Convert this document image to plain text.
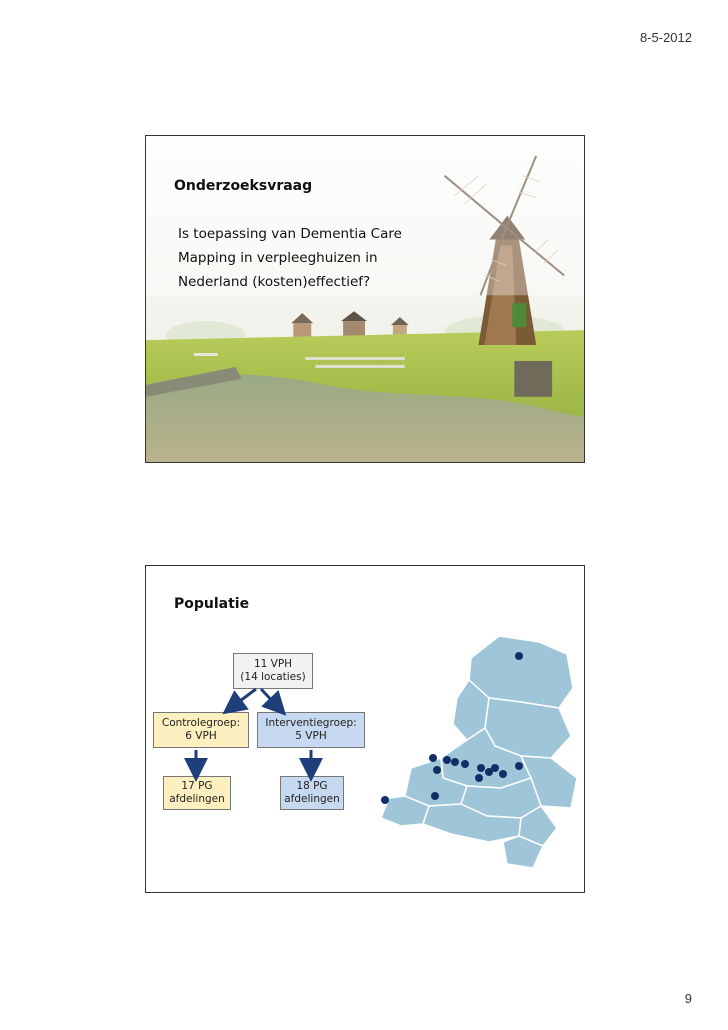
8-5-2012
Onderzoeksvraag
Is toepassing van Dementia Care
Mapping in verpleeghuizen in
Nederland (kosten)effectief?
Populatie
11 VPH
(14 locaties)
Controlegroep:
6 VPH
Interventiegroep:
5 VPH
17 PG
afdelingen
18 PG
afdelingen
9
